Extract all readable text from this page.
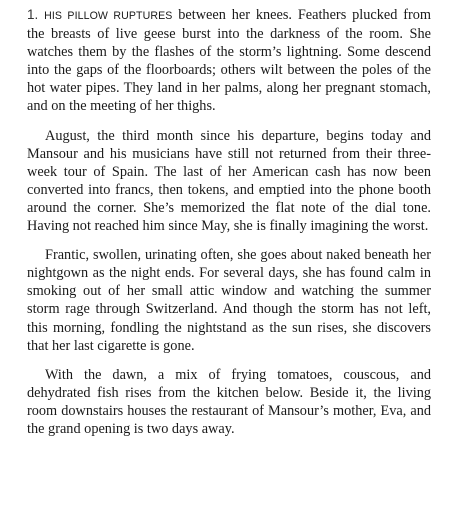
1. HIS PILLOW RUPTURES between her knees. Feathers plucked from the breasts of live geese burst into the darkness of the room. She watches them by the flashes of the storm’s lightning. Some descend into the gaps of the floorboards; others wilt between the poles of the hot water pipes. They land in her palms, along her pregnant stomach, and on the meeting of her thighs.

August, the third month since his departure, begins today and Mansour and his musicians have still not returned from their three-week tour of Spain. The last of her American cash has now been converted into francs, then tokens, and emptied into the phone booth around the corner. She’s memorized the flat note of the dial tone. Having not reached him since May, she is finally imagining the worst.

Frantic, swollen, urinating often, she goes about naked beneath her nightgown as the night ends. For several days, she has found calm in smoking out of her small attic window and watching the summer storm rage through Switzerland. And though the storm has not left, this morning, fondling the nightstand as the sun rises, she discovers that her last cigarette is gone.

With the dawn, a mix of frying tomatoes, couscous, and dehydrated fish rises from the kitchen below. Beside it, the living room downstairs houses the restaurant of Mansour’s mother, Eva, and the grand opening is two days away.
